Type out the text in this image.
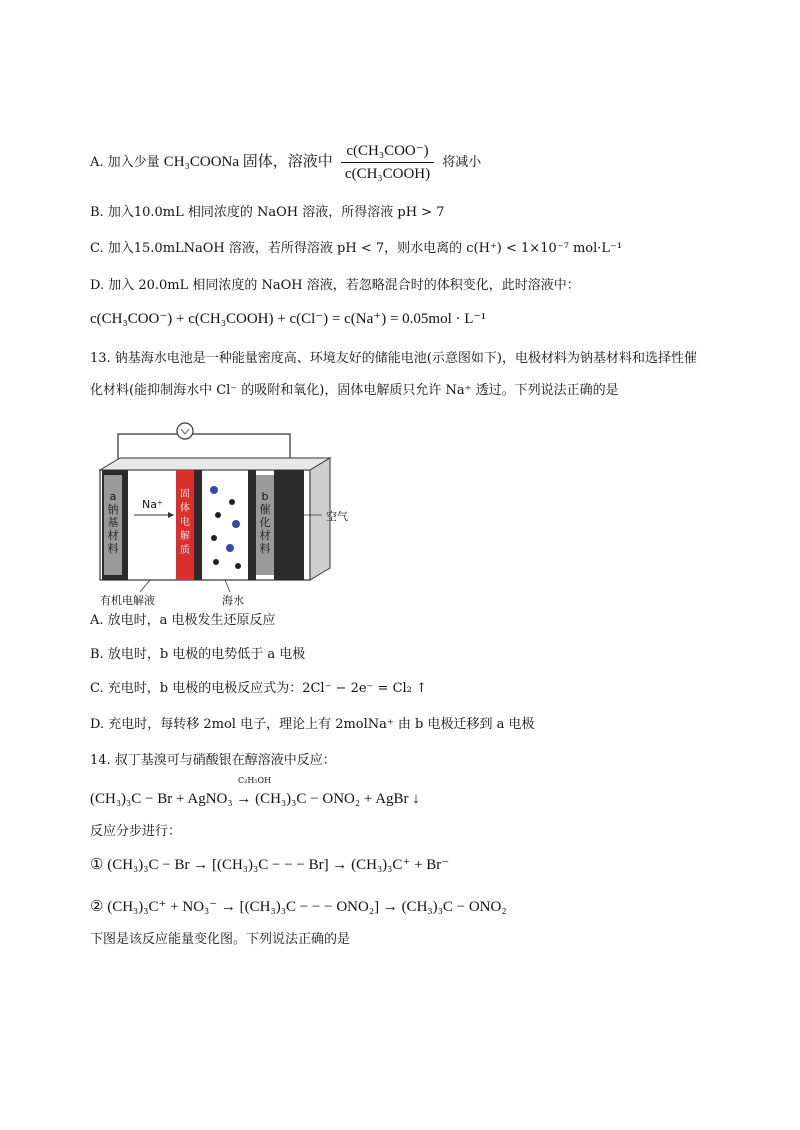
A. 加入少量 CH₃COONa 固体，溶液中 $\frac{\text{c(CH₃COO⁻)}}{\text{c(CH₃COOH)}}$ 将减小
B. 加入10.0mL 相同浓度的 NaOH 溶液，所得溶液 pH > 7
C. 加入15.0mLNaOH 溶液，若所得溶液 pH < 7，则水电离的 c(H⁺) < 1×10⁻⁷ mol·L⁻¹
D. 加入 20.0mL 相同浓度的 NaOH 溶液，若忽略混合时的体积变化，此时溶液中：
c(CH₃COO⁻) + c(CH₃COOH) + c(Cl⁻) = c(Na⁺) = 0.05mol · L⁻¹
13. 钠基海水电池是一种能量密度高、环境友好的储能电池(示意图如下)，电极材料为钠基材料和选择性催
化材料(能抑制海水中 Cl⁻ 的吸附和氧化)，固体电解质只允许 Na⁺ 透过。下列说法正确的是
a
钠
基
材
料
固
体
电
解
质
b
催
化
材
料
Na⁺
空气
海水
有机电解液
A. 放电时，a 电极发生还原反应
B. 放电时，b 电极的电势低于 a 电极
C. 充电时，b 电极的电极反应式为：2Cl⁻ − 2e⁻ = Cl₂ ↑
D. 充电时，每转移 2mol 电子，理论上有 2molNa⁺ 由 b 电极迁移到 a 电极
14. 叔丁基溴可与硝酸银在醇溶液中反应：
C₂H₅OH
(CH₃)₃C − Br + AgNO₃ → (CH₃)₃C − ONO₂ + AgBr ↓
反应分步进行：
① (CH₃)₃C − Br → [(CH₃)₃C − − − Br] → (CH₃)₃C⁺ + Br⁻
② (CH₃)₃C⁺ + NO₃⁻ → [(CH₃)₃C − − − ONO₂] → (CH₃)₃C − ONO₂
下图是该反应能量变化图。下列说法正确的是
